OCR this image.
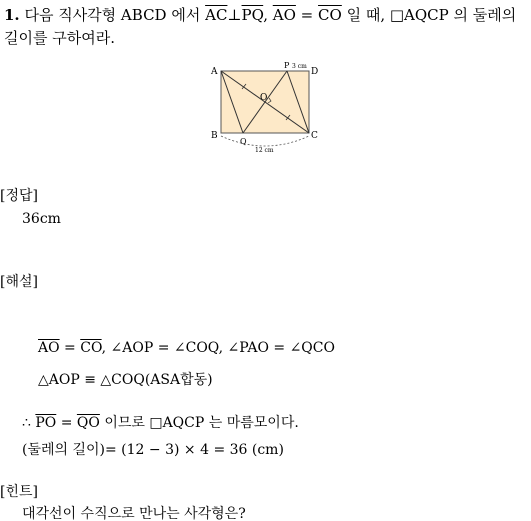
1. 다음 직사각형 ABCD 에서 $\overline{AC}\perp\overline{PQ}$, $\overline{AO} = \overline{CO}$ 일 때, □AQCP 의 둘레의
길이를 구하여라.
A
B	C
D
O
P
Q
3 cm
12 cm
[정답]
36cm
[해설]
$\overline{AO} = \overline{CO}$, ∠AOP = ∠COQ, ∠PAO = ∠QCO
△AOP ≡ △COQ(ASA합동)
∴ $\overline{PO} = \overline{QO}$ 이므로 □AQCP 는 마름모이다.
(둘레의 길이)= (12 − 3) × 4 = 36 (cm)
[힌트]
대각선이 수직으로 만나는 사각형은?
